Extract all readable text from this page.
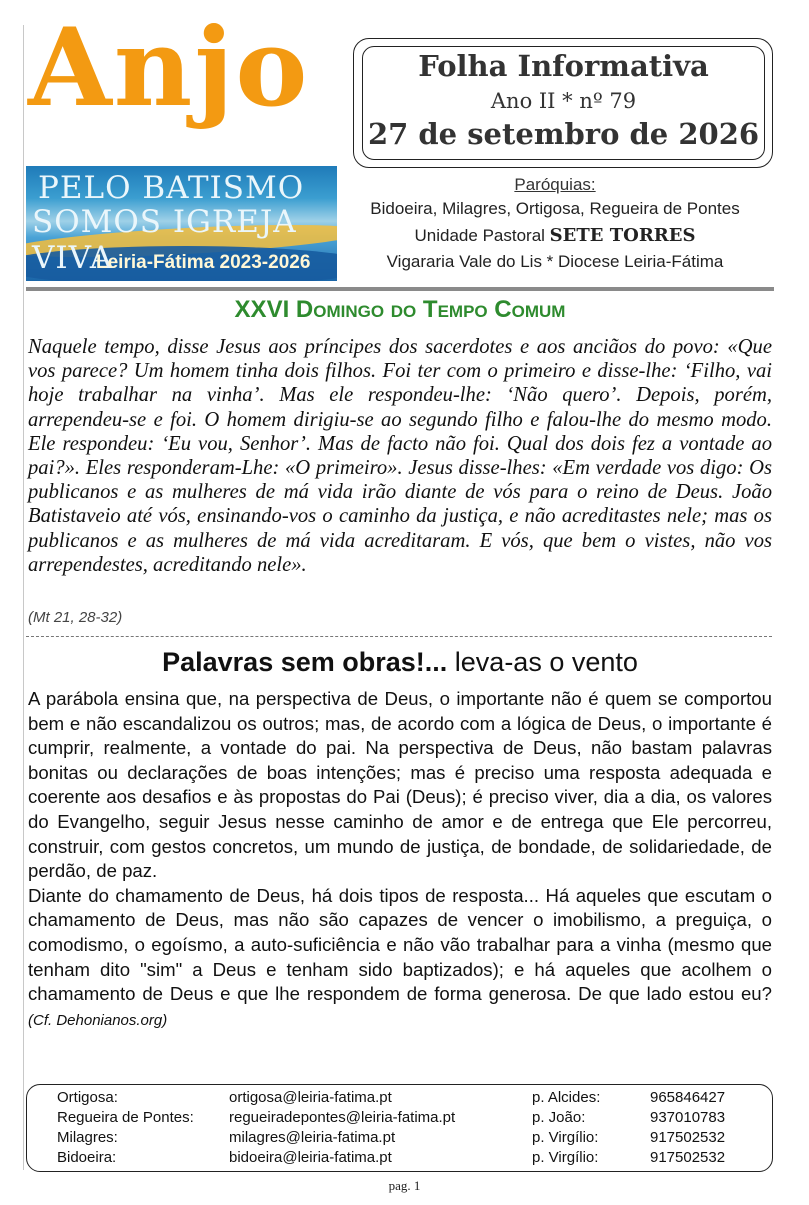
Anjo
PELO BATISMO
SOMOS IGREJA VIVA
Leiria-Fátima 2023-2026
Folha Informativa
Ano II * nº 79
27 de setembro de 2026
Paróquias:
Bidoeira, Milagres, Ortigosa, Regueira de Pontes
Unidade Pastoral SETE TORRES
Vigararia Vale do Lis * Diocese Leiria-Fátima
XXVI Domingo do Tempo Comum
Naquele tempo, disse Jesus aos príncipes dos sacerdotes e aos anciãos do povo: «Que vos parece? Um homem tinha dois filhos. Foi ter com o primeiro e disse-lhe: ‘Filho, vai hoje trabalhar na vinha’. Mas ele respondeu-lhe: ‘Não quero’. Depois, porém, arrependeu-se e foi. O homem dirigiu-se ao segundo filho e falou-lhe do mesmo modo. Ele respondeu: ‘Eu vou, Senhor’. Mas de facto não foi. Qual dos dois fez a vontade ao pai?». Eles responderam-Lhe: «O primeiro». Jesus disse-lhes: «Em verdade vos digo: Os publicanos e as mulheres de má vida irão diante de vós para o reino de Deus. João Batistaveio até vós, ensinando-vos o caminho da justiça, e não acreditastes nele; mas os publicanos e as mulheres de má vida acreditaram. E vós, que bem o vistes, não vos arrependestes, acreditando nele».
(Mt 21, 28-32)
Palavras sem obras!... leva-as o vento

A parábola ensina que, na perspectiva de Deus, o importante não é quem se comportou bem e não escandalizou os outros; mas, de acordo com a lógica de Deus, o importante é cumprir, realmente, a vontade do pai. Na perspectiva de Deus, não bastam palavras bonitas ou declarações de boas intenções; mas é preciso uma resposta adequada e coerente aos desafios e às propostas do Pai (Deus); é preciso viver, dia a dia, os valores do Evangelho, seguir Jesus nesse caminho de amor e de entrega que Ele percorreu, construir, com gestos concretos, um mundo de justiça, de bondade, de solidariedade, de perdão, de paz.

Diante do chamamento de Deus, há dois tipos de resposta... Há aqueles que escutam o chamamento de Deus, mas não são capazes de vencer o imobilismo, a preguiça, o comodismo, o egoísmo, a auto-suficiência e não vão trabalhar para a vinha (mesmo que tenham dito "sim" a Deus e tenham sido baptizados); e há aqueles que acolhem o chamamento de Deus e que lhe respondem de forma generosa. De que lado estou eu? (Cf. Dehonianos.org)

Ortigosa:	ortigosa@leiria-fatima.pt	p. Alcides:	965846427
Regueira de Pontes:	regueiradepontes@leiria-fatima.pt	p. João:	937010783
Milagres:	milagres@leiria-fatima.pt	p. Virgílio:	917502532
Bidoeira:	bidoeira@leiria-fatima.pt	p. Virgílio:	917502532
pag. 1
